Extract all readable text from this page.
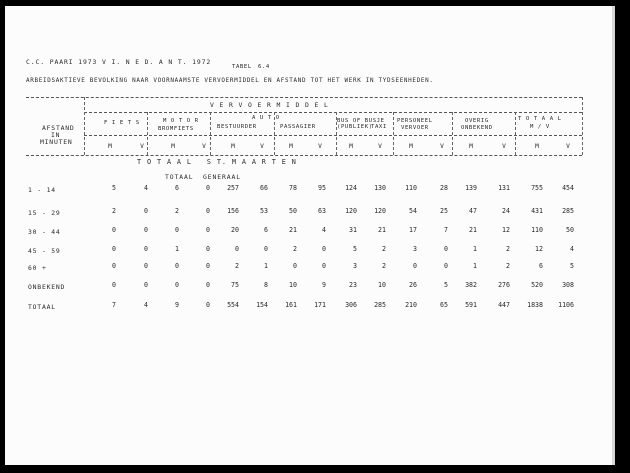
C.C. PAARI 1973 V I. N E D. A N T. 1972
TABEL 6.4
ARBEIDSAKTIEVE BEVOLKING NAAR VOORNAAMSTE VERVOERMIDDEL EN AFSTAND TOT HET WERK IN TYDSEENHEDEN.
V E R V O E R M I D D E L
AFSTAND
IN
MINUTEN
F I E T S	M O T O R
BROMFIETS
A U T O
BESTUURDER	PASSAGIER
BUS OF BUSJE
(PUBLIEK)
TAXI
PERSONEEL
VERVOER
OVERIG
ONBEKEND
T O T A A L
M / V
M	V	M	V	M	V	M	V	M	V	M	V	M	V	M	V
T O T A A L   S T. M A A R T E N
TOTAAL  GENERAAL
1 - 14	5	4	6	0	257	66	78	95	124	130	110	28	139	131	755	454
15 - 29	2	0	2	0	156	53	50	63	120	120	54	25	47	24	431	285
30 - 44	0	0	0	0	20	6	21	4	31	21	17	7	21	12	110	50
45 - 59	0	0	1	0	0	0	2	0	5	2	3	0	1	2	12	4
60 +	0	0	0	0	2	1	0	0	3	2	0	0	1	2	6	5
ONBEKEND	0	0	0	0	75	8	10	9	23	10	26	5	382	276	520	308
TOTAAL	7	4	9	0	554	154	161	171	306	285	210	65	591	447	1838	1106
